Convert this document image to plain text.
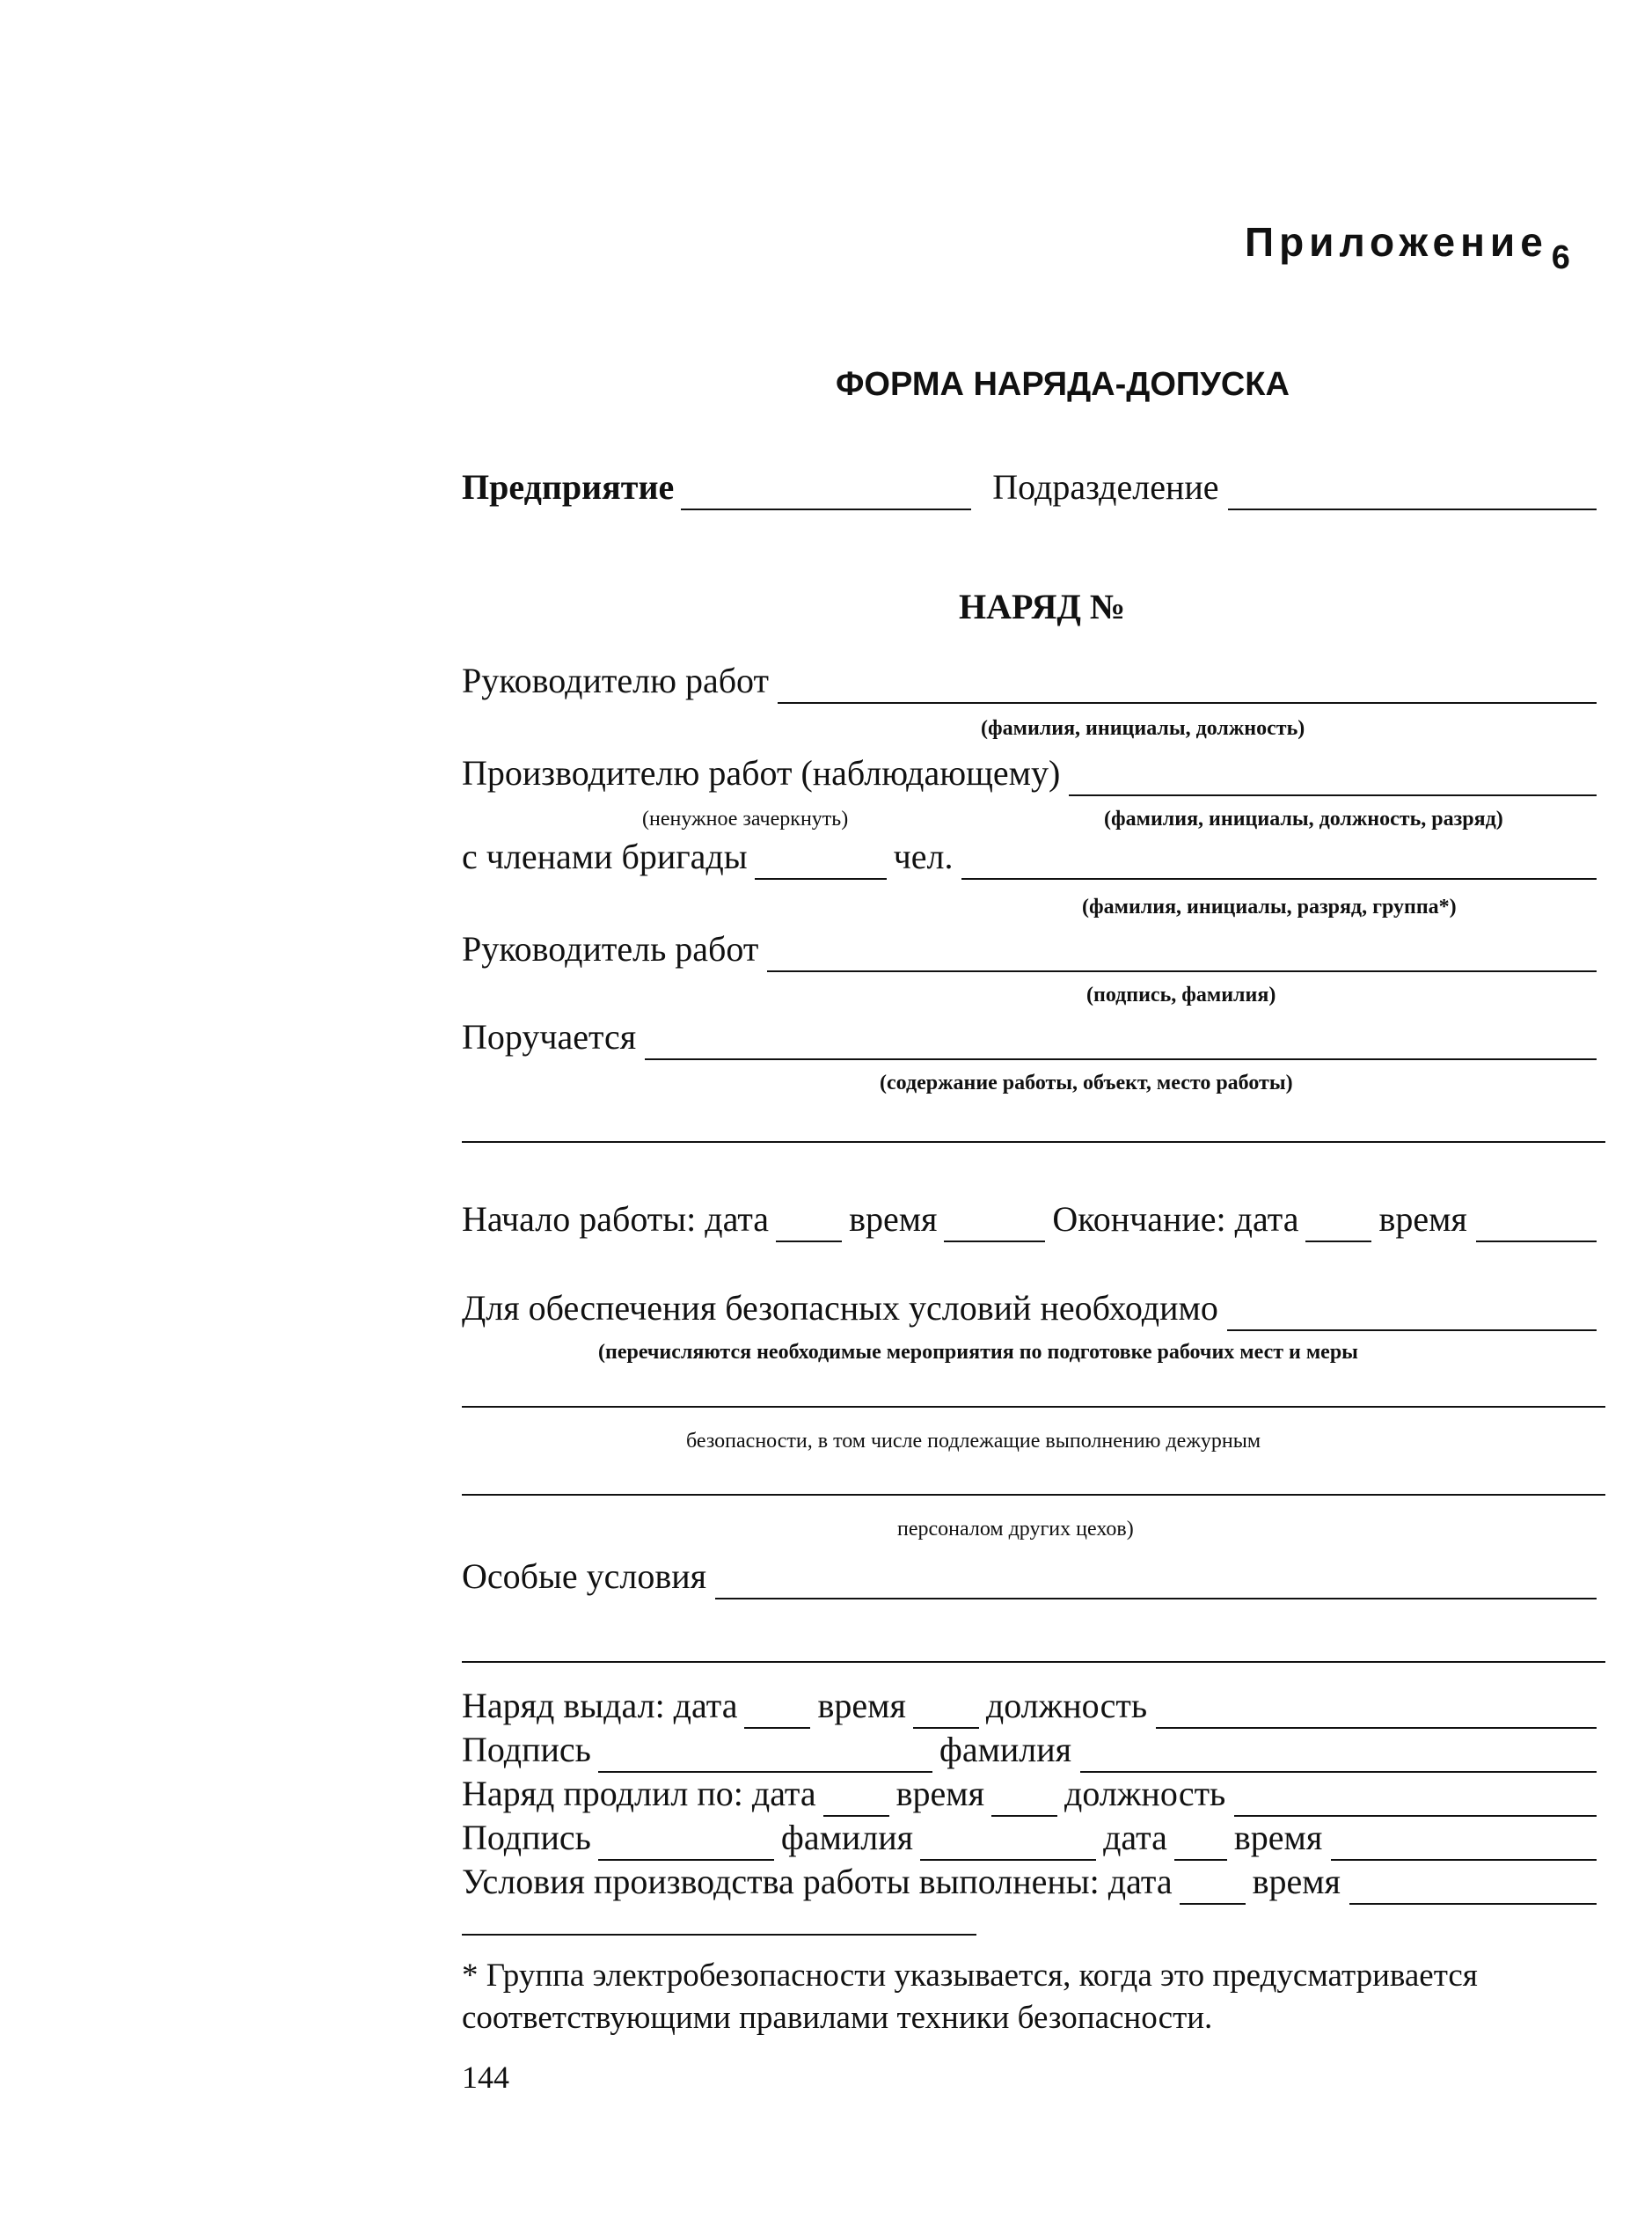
Приложение $_6$
ФОРМА НАРЯДА-ДОПУСКА
Предприятие	Подразделение
НАРЯД №
Руководителю работ
(фамилия, инициалы, должность)
Производителю работ (наблюдающему)
(ненужное зачеркнуть)	(фамилия, инициалы, должность, разряд)
с членами бригады	чел.
(фамилия, инициалы, разряд, группа*)
Руководитель работ
(подпись, фамилия)
Поручается
(содержание работы, объект, место работы)
Начало работы: дата время	Окончание: дата время
Для обеспечения безопасных условий необходимо
(перечисляются необходимые мероприятия по подготовке рабочих мест и меры
безопасности, в том числе подлежащие выполнению дежурным
персоналом других цехов)
Особые условия
Наряд выдал: дата время должность
Подпись	фамилия
Наряд продлил по: дата время должность
Подпись	фамилия	дата время
Условия производства работы выполнены: дата время
* Группа электробезопасности указывается, когда это предусматривается соответствующими правилами техники безопасности.
144
